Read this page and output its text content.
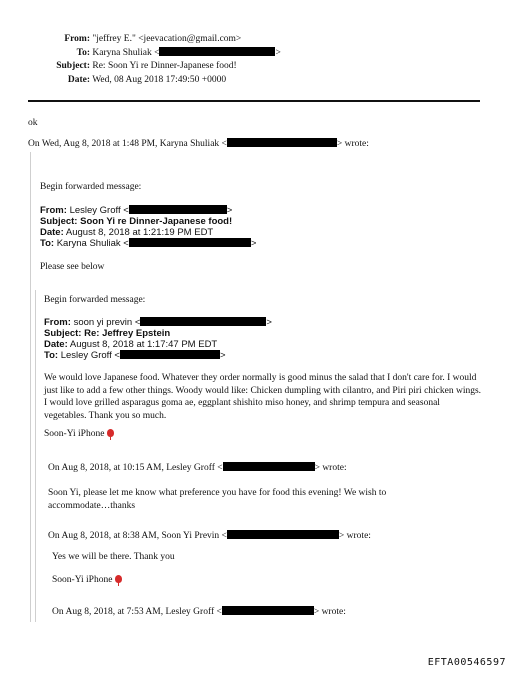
From: "jeffrey E." <jeevacation@gmail.com>
To: Karyna Shuliak <	>
Subject: Re: Soon Yi re Dinner-Japanese food!
Date: Wed, 08 Aug 2018 17:49:50 +0000
ok
On Wed, Aug 8, 2018 at 1:48 PM, Karyna Shuliak <	> wrote:
Begin forwarded message:
From: Lesley Groff <	>
Subject: Soon Yi re Dinner-Japanese food!
Date: August 8, 2018 at 1:21:19 PM EDT
To: Karyna Shuliak <	>
Please see below
Begin forwarded message:
From: soon yi previn <	>
Subject: Re: Jeffrey Epstein
Date: August 8, 2018 at 1:17:47 PM EDT
To: Lesley Groff <	>
We would love Japanese food. Whatever they order normally is good minus the salad that I don't care for. I would just like to add a few other things. Woody would like: Chicken dumpling with cilantro, and Piri piri chicken wings. I would love grilled asparagus goma ae, eggplant shishito miso honey, and shrimp tempura and seasonal vegetables. Thank you so much.
Soon-Yi iPhone
On Aug 8, 2018, at 10:15 AM, Lesley Groff <	> wrote:
Soon Yi, please let me know what preference you have for food this evening! We wish to accommodate…thanks
On Aug 8, 2018, at 8:38 AM, Soon Yi Previn <	> wrote:
Yes we will be there. Thank you
Soon-Yi iPhone
On Aug 8, 2018, at 7:53 AM, Lesley Groff <	> wrote:
EFTA00546597
